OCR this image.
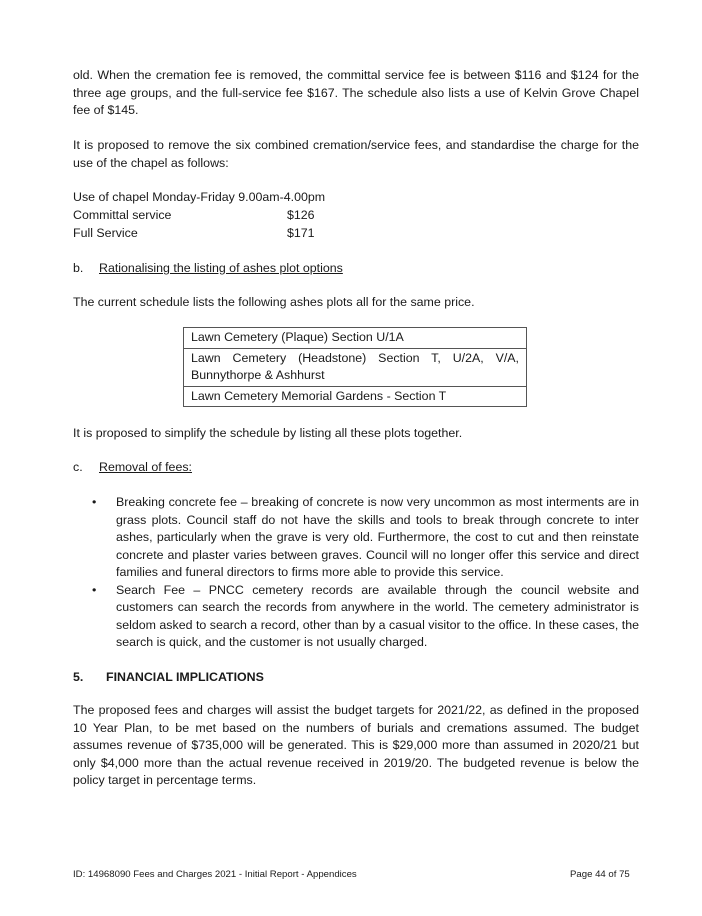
old. When the cremation fee is removed, the committal service fee is between $116 and $124 for the three age groups, and the full-service fee $167. The schedule also lists a use of Kelvin Grove Chapel fee of $145.
It is proposed to remove the six combined cremation/service fees, and standardise the charge for the use of the chapel as follows:
Use of chapel Monday-Friday 9.00am-4.00pm
Committal service	$126
Full Service	$171
b. Rationalising the listing of ashes plot options
The current schedule lists the following ashes plots all for the same price.
Lawn Cemetery (Plaque) Section U/1A
Lawn Cemetery (Headstone) Section T, U/2A, V/A, Bunnythorpe & Ashhurst
Lawn Cemetery Memorial Gardens - Section T
It is proposed to simplify the schedule by listing all these plots together.
c. Removal of fees:
• Breaking concrete fee – breaking of concrete is now very uncommon as most interments are in grass plots. Council staff do not have the skills and tools to break through concrete to inter ashes, particularly when the grave is very old. Furthermore, the cost to cut and then reinstate concrete and plaster varies between graves. Council will no longer offer this service and direct families and funeral directors to firms more able to provide this service.
• Search Fee – PNCC cemetery records are available through the council website and customers can search the records from anywhere in the world. The cemetery administrator is seldom asked to search a record, other than by a casual visitor to the office. In these cases, the search is quick, and the customer is not usually charged.
5. FINANCIAL IMPLICATIONS
The proposed fees and charges will assist the budget targets for 2021/22, as defined in the proposed 10 Year Plan, to be met based on the numbers of burials and cremations assumed. The budget assumes revenue of $735,000 will be generated. This is $29,000 more than assumed in 2020/21 but only $4,000 more than the actual revenue received in 2019/20. The budgeted revenue is below the policy target in percentage terms.
ID: 14968090 Fees and Charges 2021 - Initial Report - Appendices	Page 44 of 75
